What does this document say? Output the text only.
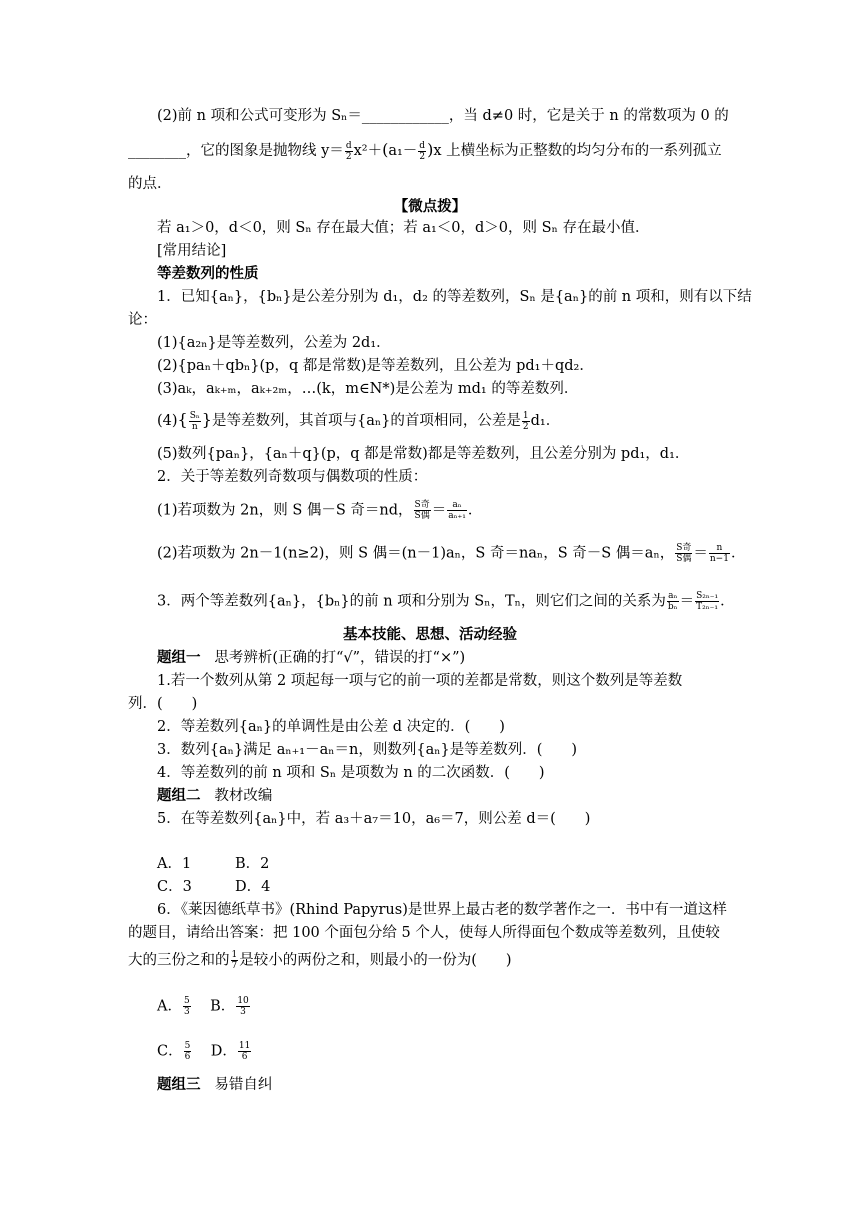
(2)前 n 项和公式可变形为 Sₙ＝____________，当 d≠0 时，它是关于 n 的常数项为 0 的
________，它的图象是抛物线 $y= \frac{d}{2} x^2+(a_1- \frac{d}{2} )x$ 上横坐标为正整数的均匀分布的一系列孤立
的点．
【微点拨】
若 a₁＞0，d＜0，则 Sₙ 存在最大值；若 a₁＜0，d＞0，则 Sₙ 存在最小值．
[常用结论]
等差数列的性质
1．已知{aₙ}，{bₙ}是公差分别为 d₁，d₂ 的等差数列，Sₙ 是{aₙ}的前 n 项和，则有以下结
论：
(1){a₂ₙ}是等差数列，公差为 2d₁．
(2){paₙ＋qbₙ}(p，q 都是常数)是等差数列，且公差为 pd₁＋qd₂．
(3)aₖ，aₖ₊ₘ，aₖ₊₂ₘ，…(k，m∈N*)是公差为 md₁ 的等差数列．
$(4)\{ \frac{\text{Sₙ}}{n}$ }是等差数列，其首项与{aₙ}的首项相同，公差是 $\frac{1}{2} d_1$．
(5)数列{paₙ}，{aₙ＋q}(p，q 都是常数)都是等差数列，且公差分别为 pd₁，d₁．
2．关于等差数列奇数项与偶数项的性质：
(1)若项数为 2n，则 S 偶－S 奇＝nd， $\frac{\text{S奇}}{\text{S偶}} = \frac{\text{aₙ}}{\text{aₙ₊₁}}$ ．
(2)若项数为 2n－1(n≥2)，则 S 偶＝(n－1)aₙ，S 奇＝naₙ，S 奇－S 偶＝aₙ， $\frac{\text{S奇}}{\text{S偶}} = \frac{n}{n-1}$ ．
3．两个等差数列{aₙ}，{bₙ}的前 n 项和分别为 Sₙ，Tₙ，则它们之间的关系为 $\frac{\text{aₙ}}{\text{bₙ}} = \frac{\text{S₂ₙ₋₁}}{\text{T₂ₙ₋₁}}$ ．
基本技能、思想、活动经验
题组一 思考辨析(正确的打“√”，错误的打“×”)
1.若一个数列从第 2 项起每一项与它的前一项的差都是常数，则这个数列是等差数
列．(　　)
2．等差数列{aₙ}的单调性是由公差 d 决定的．(　　)
3．数列{aₙ}满足 aₙ₊₁－aₙ＝n，则数列{aₙ}是等差数列．(　　)
4．等差数列的前 n 项和 Sₙ 是项数为 n 的二次函数．(　　)
题组二 教材改编
5．在等差数列{aₙ}中，若 a₃＋a₇＝10，a₆＝7，则公差 d＝(　　)
A．1	B．2
C．3	D．4
6．《莱因德纸草书》(Rhind Papyrus)是世界上最古老的数学著作之一．书中有一道这样
的题目，请给出答案：把 100 个面包分给 5 个人，使每人所得面包个数成等差数列，且使较
大的三份之和的 $\frac{1}{7}$ 是较小的两份之和，则最小的一份为(　　)
A． $\frac{5}{3}$ B． $\frac{10}{3}$
C． $\frac{5}{6}$ D． $\frac{11}{6}$
题组三 易错自纠
